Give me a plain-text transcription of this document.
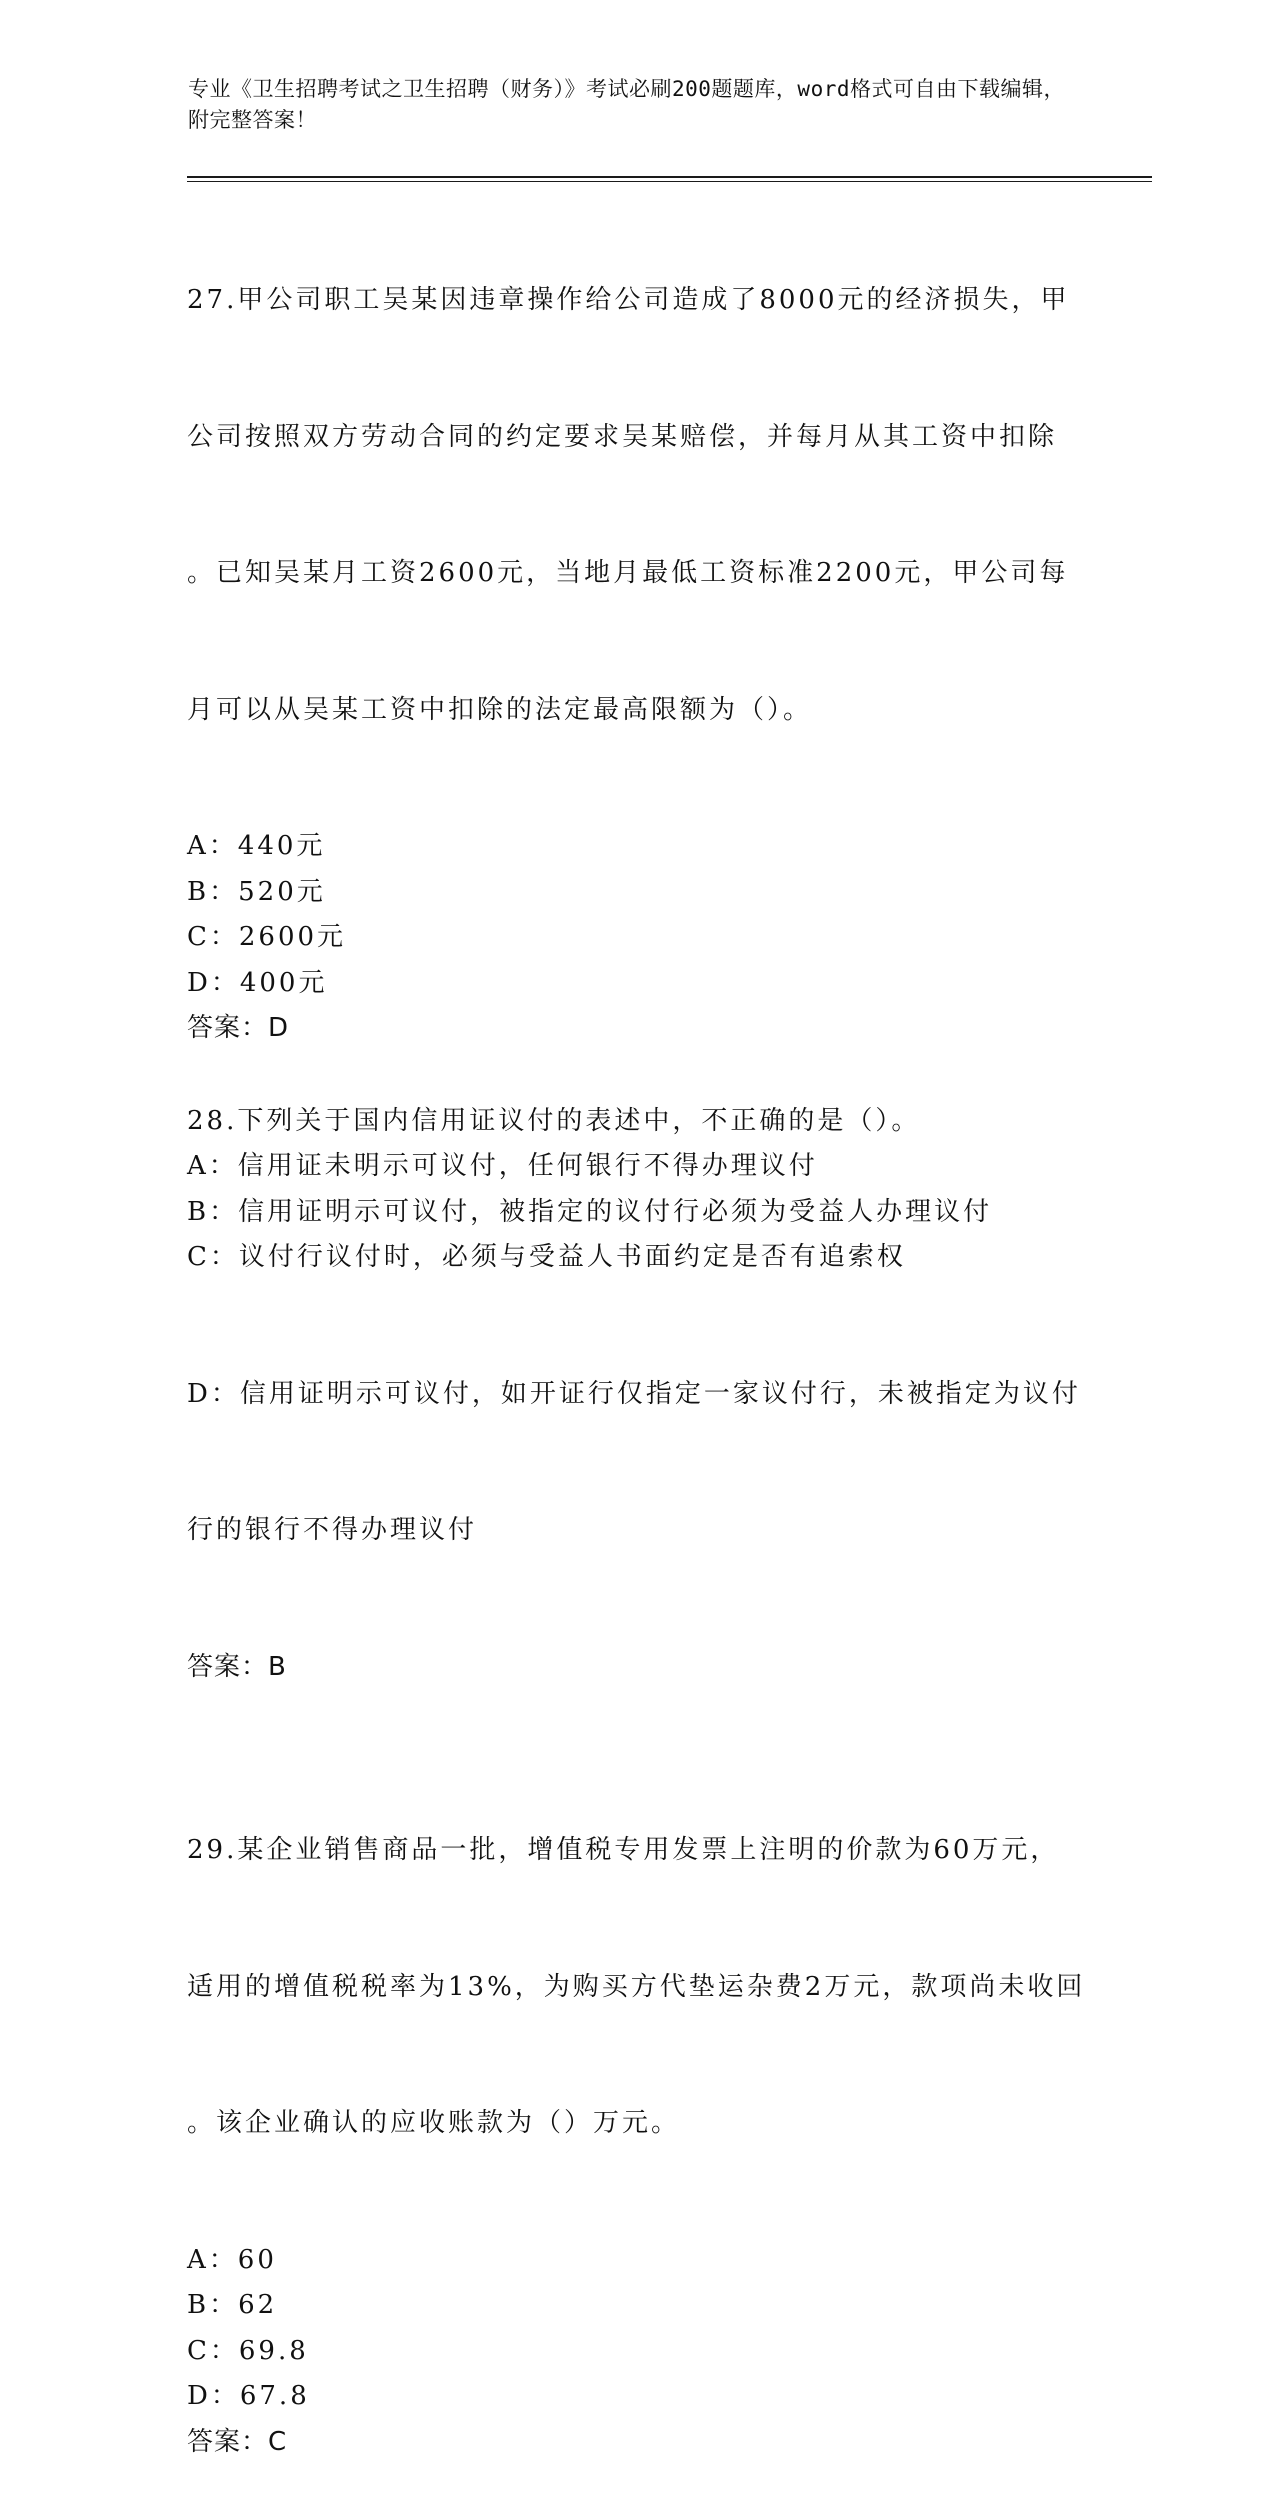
专业《卫生招聘考试之卫生招聘（财务）》考试必刷200题题库，word格式可自由下载编辑，附完整答案！

27.甲公司职工吴某因违章操作给公司造成了8000元的经济损失，甲

公司按照双方劳动合同的约定要求吴某赔偿，并每月从其工资中扣除

。已知吴某月工资2600元，当地月最低工资标准2200元，甲公司每

月可以从吴某工资中扣除的法定最高限额为（）。

A：440元
B：520元
C：2600元
D：400元
答案：D
28.下列关于国内信用证议付的表述中，不正确的是（）。
A：信用证未明示可议付，任何银行不得办理议付
B：信用证明示可议付，被指定的议付行必须为受益人办理议付
C：议付行议付时，必须与受益人书面约定是否有追索权

D：信用证明示可议付，如开证行仅指定一家议付行，未被指定为议付

行的银行不得办理议付

答案：B

29.某企业销售商品一批，增值税专用发票上注明的价款为60万元，

适用的增值税税率为13%，为购买方代垫运杂费2万元，款项尚未收回

。该企业确认的应收账款为（）万元。

A：60
B：62
C：69.8
D：67.8
答案：C
